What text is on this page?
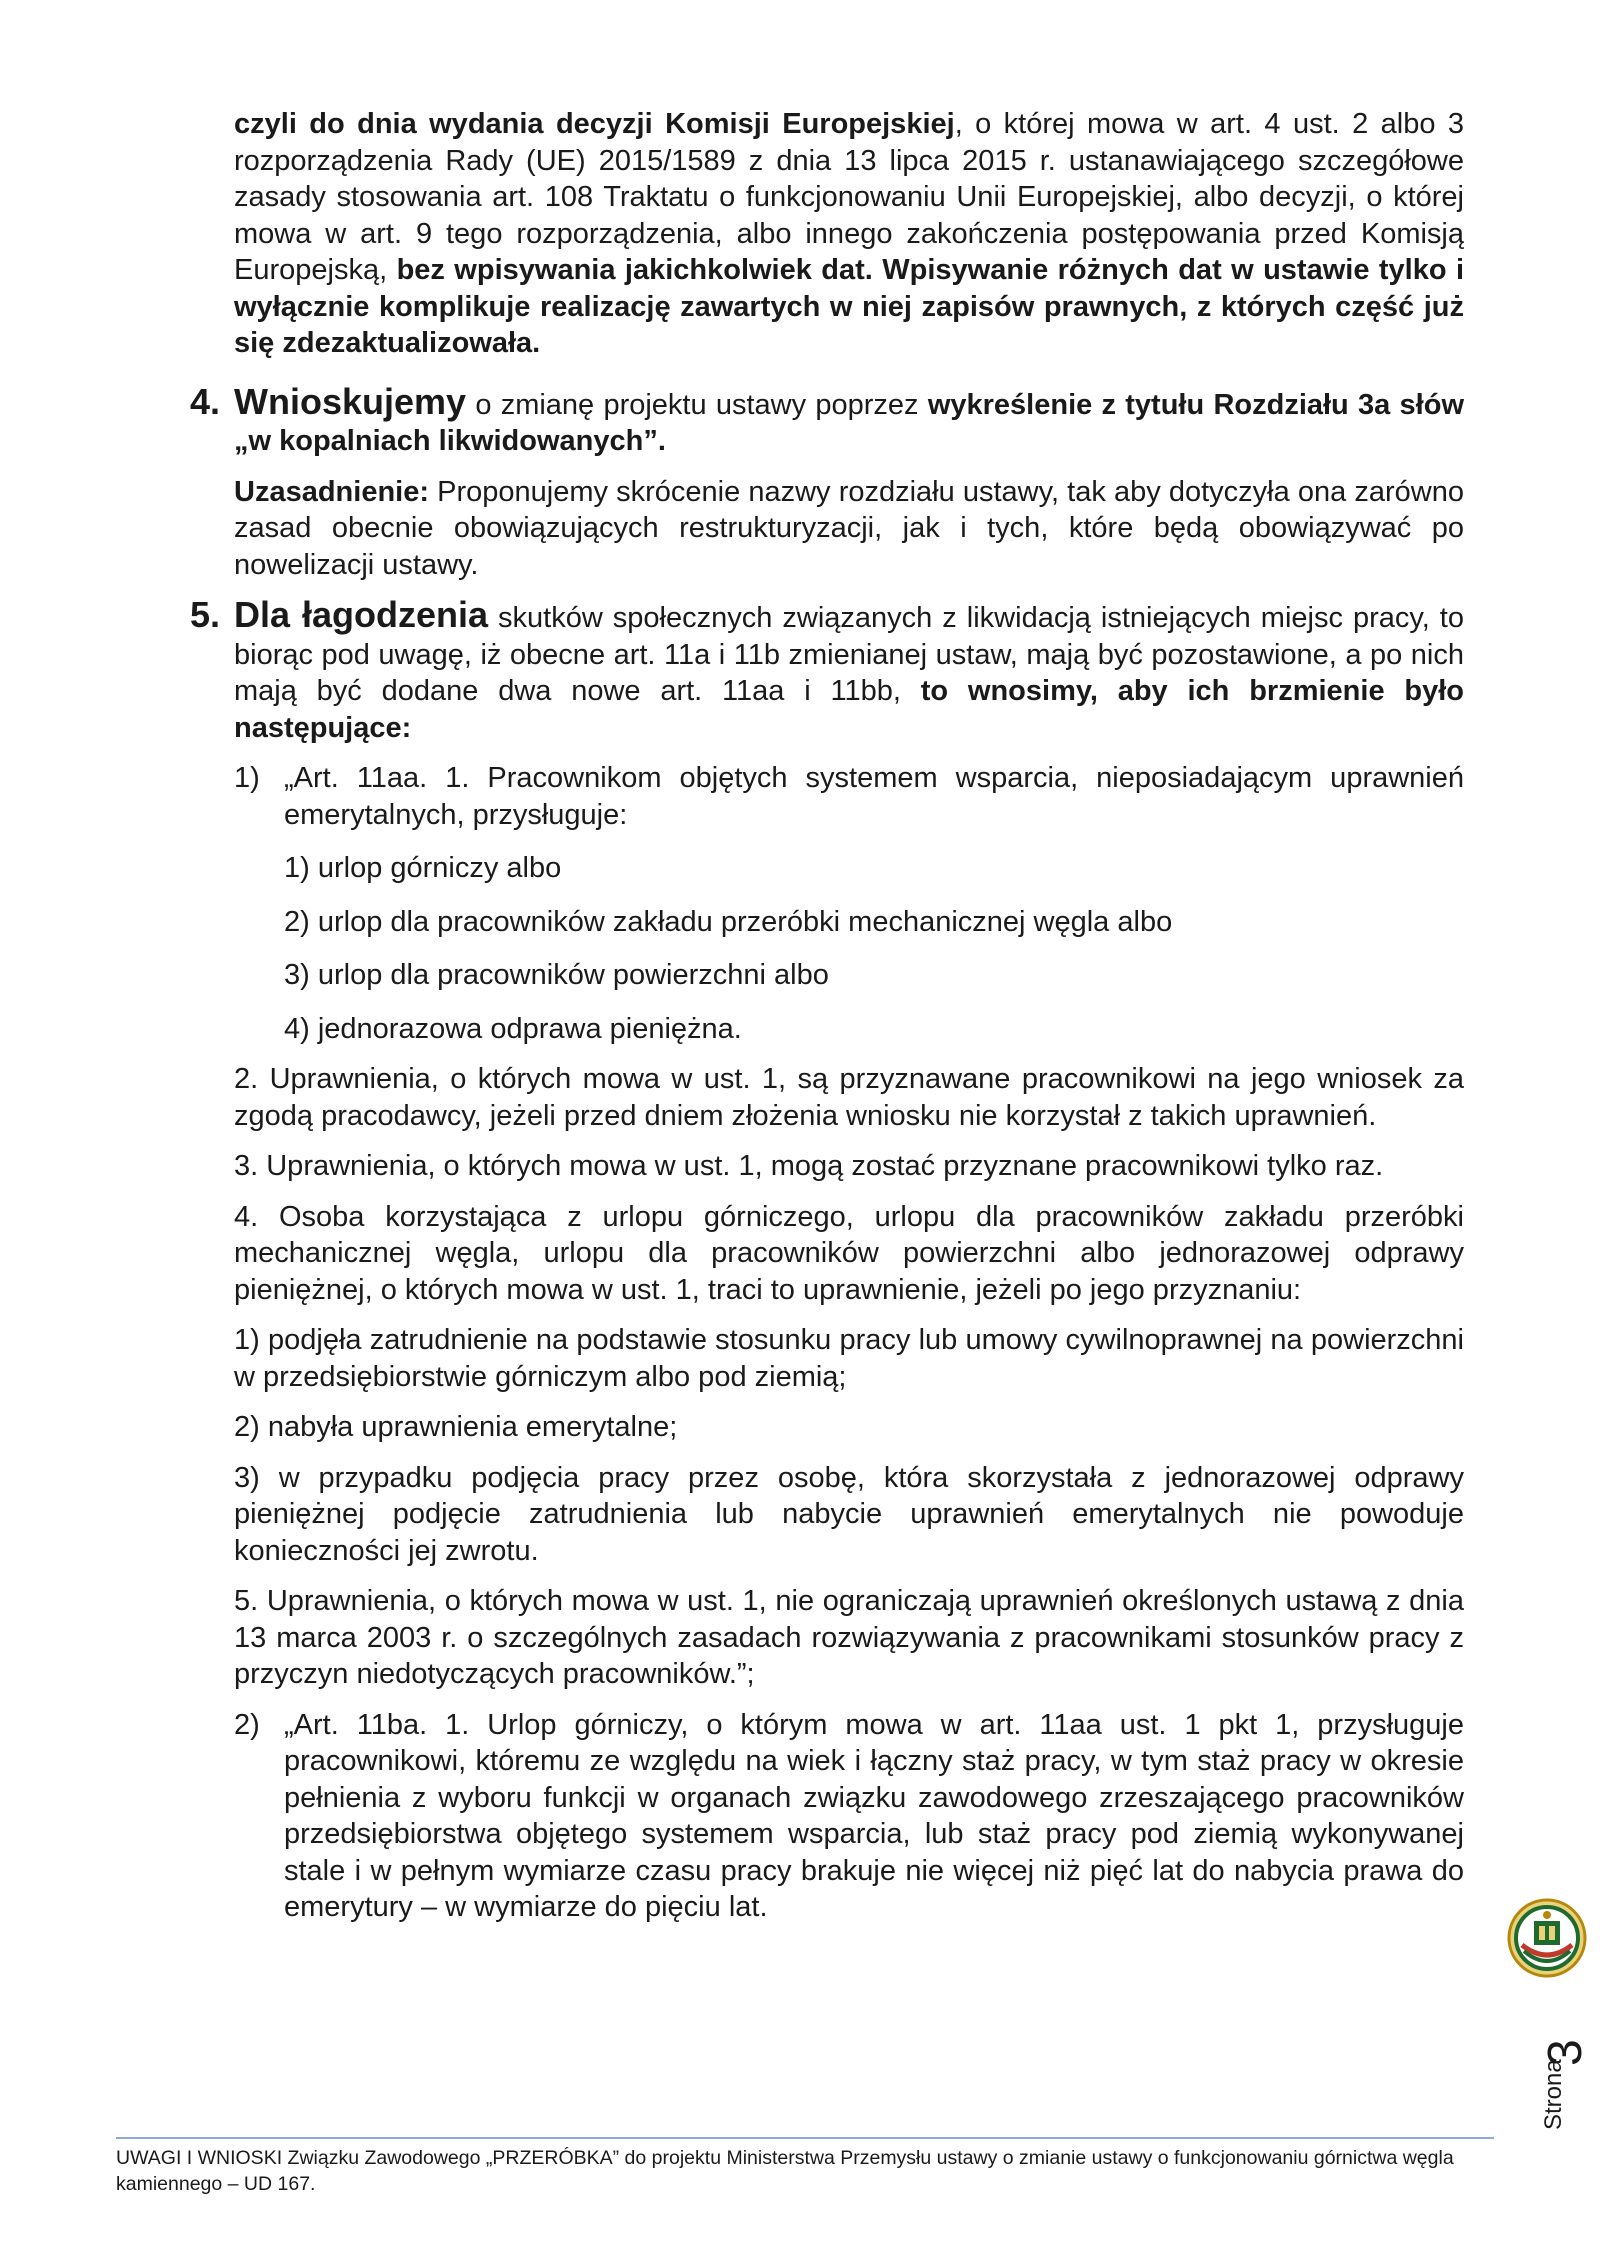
czyli do dnia wydania decyzji Komisji Europejskiej, o której mowa w art. 4 ust. 2 albo 3 rozporządzenia Rady (UE) 2015/1589 z dnia 13 lipca 2015 r. ustanawiającego szczegółowe zasady stosowania art. 108 Traktatu o funkcjonowaniu Unii Europejskiej, albo decyzji, o której mowa w art. 9 tego rozporządzenia, albo innego zakończenia postępowania przed Komisją Europejską, bez wpisywania jakichkolwiek dat. Wpisywanie różnych dat w ustawie tylko i wyłącznie komplikuje realizację zawartych w niej zapisów prawnych, z których część już się zdezaktualizowała.

4. Wnioskujemy o zmianę projektu ustawy poprzez wykreślenie z tytułu Rozdziału 3a słów „w kopalniach likwidowanych”.

Uzasadnienie: Proponujemy skrócenie nazwy rozdziału ustawy, tak aby dotyczyła ona zarówno zasad obecnie obowiązujących restrukturyzacji, jak i tych, które będą obowiązywać po nowelizacji ustawy.

5. Dla łagodzenia skutków społecznych związanych z likwidacją istniejących miejsc pracy, to biorąc pod uwagę, iż obecne art. 11a i 11b zmienianej ustaw, mają być pozostawione, a po nich mają być dodane dwa nowe art. 11aa i 11bb, to wnosimy, aby ich brzmienie było następujące:

1) „Art. 11aa. 1. Pracownikom objętych systemem wsparcia, nieposiadającym uprawnień emerytalnych, przysługuje:

1) urlop górniczy albo

2) urlop dla pracowników zakładu przeróbki mechanicznej węgla albo

3) urlop dla pracowników powierzchni albo

4) jednorazowa odprawa pieniężna.

2. Uprawnienia, o których mowa w ust. 1, są przyznawane pracownikowi na jego wniosek za zgodą pracodawcy, jeżeli przed dniem złożenia wniosku nie korzystał z takich uprawnień.

3. Uprawnienia, o których mowa w ust. 1, mogą zostać przyznane pracownikowi tylko raz.

4. Osoba korzystająca z urlopu górniczego, urlopu dla pracowników zakładu przeróbki mechanicznej węgla, urlopu dla pracowników powierzchni albo jednorazowej odprawy pieniężnej, o których mowa w ust. 1, traci to uprawnienie, jeżeli po jego przyznaniu:

1) podjęła zatrudnienie na podstawie stosunku pracy lub umowy cywilnoprawnej na powierzchni w przedsiębiorstwie górniczym albo pod ziemią;

2) nabyła uprawnienia emerytalne;

3) w przypadku podjęcia pracy przez osobę, która skorzystała z jednorazowej odprawy pieniężnej podjęcie zatrudnienia lub nabycie uprawnień emerytalnych nie powoduje konieczności jej zwrotu.

5. Uprawnienia, o których mowa w ust. 1, nie ograniczają uprawnień określonych ustawą z dnia 13 marca 2003 r. o szczególnych zasadach rozwiązywania z pracownikami stosunków pracy z przyczyn niedotyczących pracowników.”;

2) „Art. 11ba. 1. Urlop górniczy, o którym mowa w art. 11aa ust. 1 pkt 1, przysługuje pracownikowi, któremu ze względu na wiek i łączny staż pracy, w tym staż pracy w okresie pełnienia z wyboru funkcji w organach związku zawodowego zrzeszającego pracowników przedsiębiorstwa objętego systemem wsparcia, lub staż pracy pod ziemią wykonywanej stale i w pełnym wymiarze czasu pracy brakuje nie więcej niż pięć lat do nabycia prawa do emerytury – w wymiarze do pięciu lat.

Strona
3
UWAGI I WNIOSKI Związku Zawodowego „PRZERÓBKA” do projektu Ministerstwa Przemysłu ustawy o zmianie ustawy o funkcjonowaniu górnictwa węgla kamiennego – UD 167.
